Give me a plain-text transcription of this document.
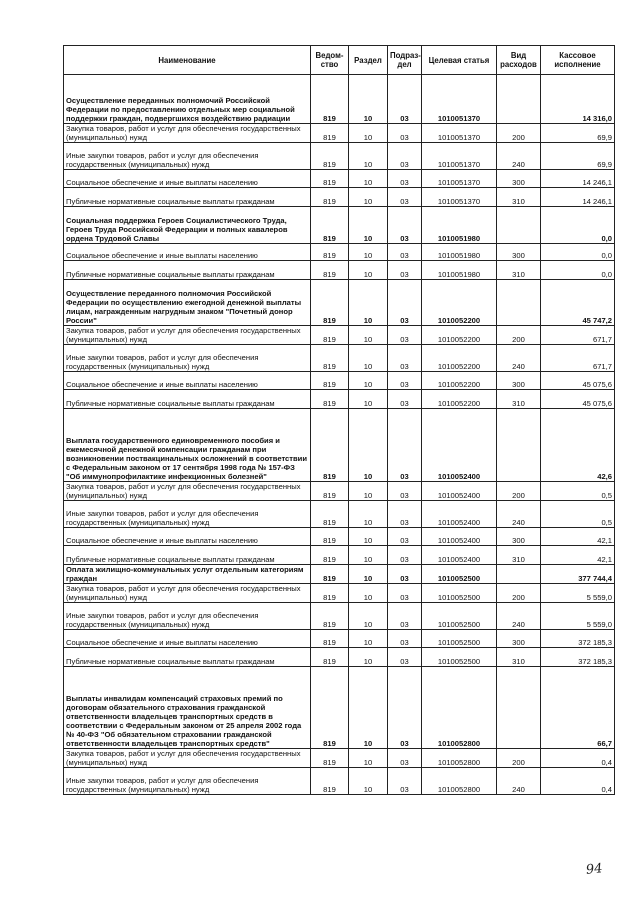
Наименование	Ведом-ство	Раздел	Подраз-дел	Целевая статья	Вид расходов	Кассовое исполнение
Осуществление переданных полномочий Российской Федерации по предоставлению отдельных мер социальной поддержки граждан, подвергшихся воздействию радиации	819	10	03	1010051370		14 316,0
Закупка товаров, работ и услуг для обеспечения государственных (муниципальных) нужд	819	10	03	1010051370	200	69,9
Иные закупки товаров, работ и услуг для обеспечения государственных (муниципальных) нужд	819	10	03	1010051370	240	69,9
Социальное обеспечение и иные выплаты населению	819	10	03	1010051370	300	14 246,1
Публичные нормативные социальные выплаты гражданам	819	10	03	1010051370	310	14 246,1
Социальная поддержка Героев Социалистического Труда, Героев Труда Российской Федерации и полных кавалеров ордена Трудовой Славы	819	10	03	1010051980		0,0
Социальное обеспечение и иные выплаты населению	819	10	03	1010051980	300	0,0
Публичные нормативные социальные выплаты гражданам	819	10	03	1010051980	310	0,0
Осуществление переданного полномочия Российской Федерации по осуществлению ежегодной денежной выплаты лицам, награжденным нагрудным знаком "Почетный донор России"	819	10	03	1010052200		45 747,2
Закупка товаров, работ и услуг для обеспечения государственных (муниципальных) нужд	819	10	03	1010052200	200	671,7
Иные закупки товаров, работ и услуг для обеспечения государственных (муниципальных) нужд	819	10	03	1010052200	240	671,7
Социальное обеспечение и иные выплаты населению	819	10	03	1010052200	300	45 075,6
Публичные нормативные социальные выплаты гражданам	819	10	03	1010052200	310	45 075,6
Выплата государственного единовременного пособия и ежемесячной денежной компенсации гражданам при возникновении поствакцинальных осложнений в соответствии с Федеральным законом от 17 сентября 1998 года № 157-ФЗ "Об иммунопрофилактике инфекционных болезней"	819	10	03	1010052400		42,6
Закупка товаров, работ и услуг для обеспечения государственных (муниципальных) нужд	819	10	03	1010052400	200	0,5
Иные закупки товаров, работ и услуг для обеспечения государственных (муниципальных) нужд	819	10	03	1010052400	240	0,5
Социальное обеспечение и иные выплаты населению	819	10	03	1010052400	300	42,1
Публичные нормативные социальные выплаты гражданам	819	10	03	1010052400	310	42,1
Оплата жилищно-коммунальных услуг отдельным категориям граждан	819	10	03	1010052500		377 744,4
Закупка товаров, работ и услуг для обеспечения государственных (муниципальных) нужд	819	10	03	1010052500	200	5 559,0
Иные закупки товаров, работ и услуг для обеспечения государственных (муниципальных) нужд	819	10	03	1010052500	240	5 559,0
Социальное обеспечение и иные выплаты населению	819	10	03	1010052500	300	372 185,3
Публичные нормативные социальные выплаты гражданам	819	10	03	1010052500	310	372 185,3
Выплаты инвалидам компенсаций страховых премий по договорам обязательного страхования гражданской ответственности владельцев транспортных средств в соответствии с Федеральным законом от 25 апреля 2002 года № 40-ФЗ "Об обязательном страховании гражданской ответственности владельцев транспортных средств"	819	10	03	1010052800		66,7
Закупка товаров, работ и услуг для обеспечения государственных (муниципальных) нужд	819	10	03	1010052800	200	0,4
Иные закупки товаров, работ и услуг для обеспечения государственных (муниципальных) нужд	819	10	03	1010052800	240	0,4
94
